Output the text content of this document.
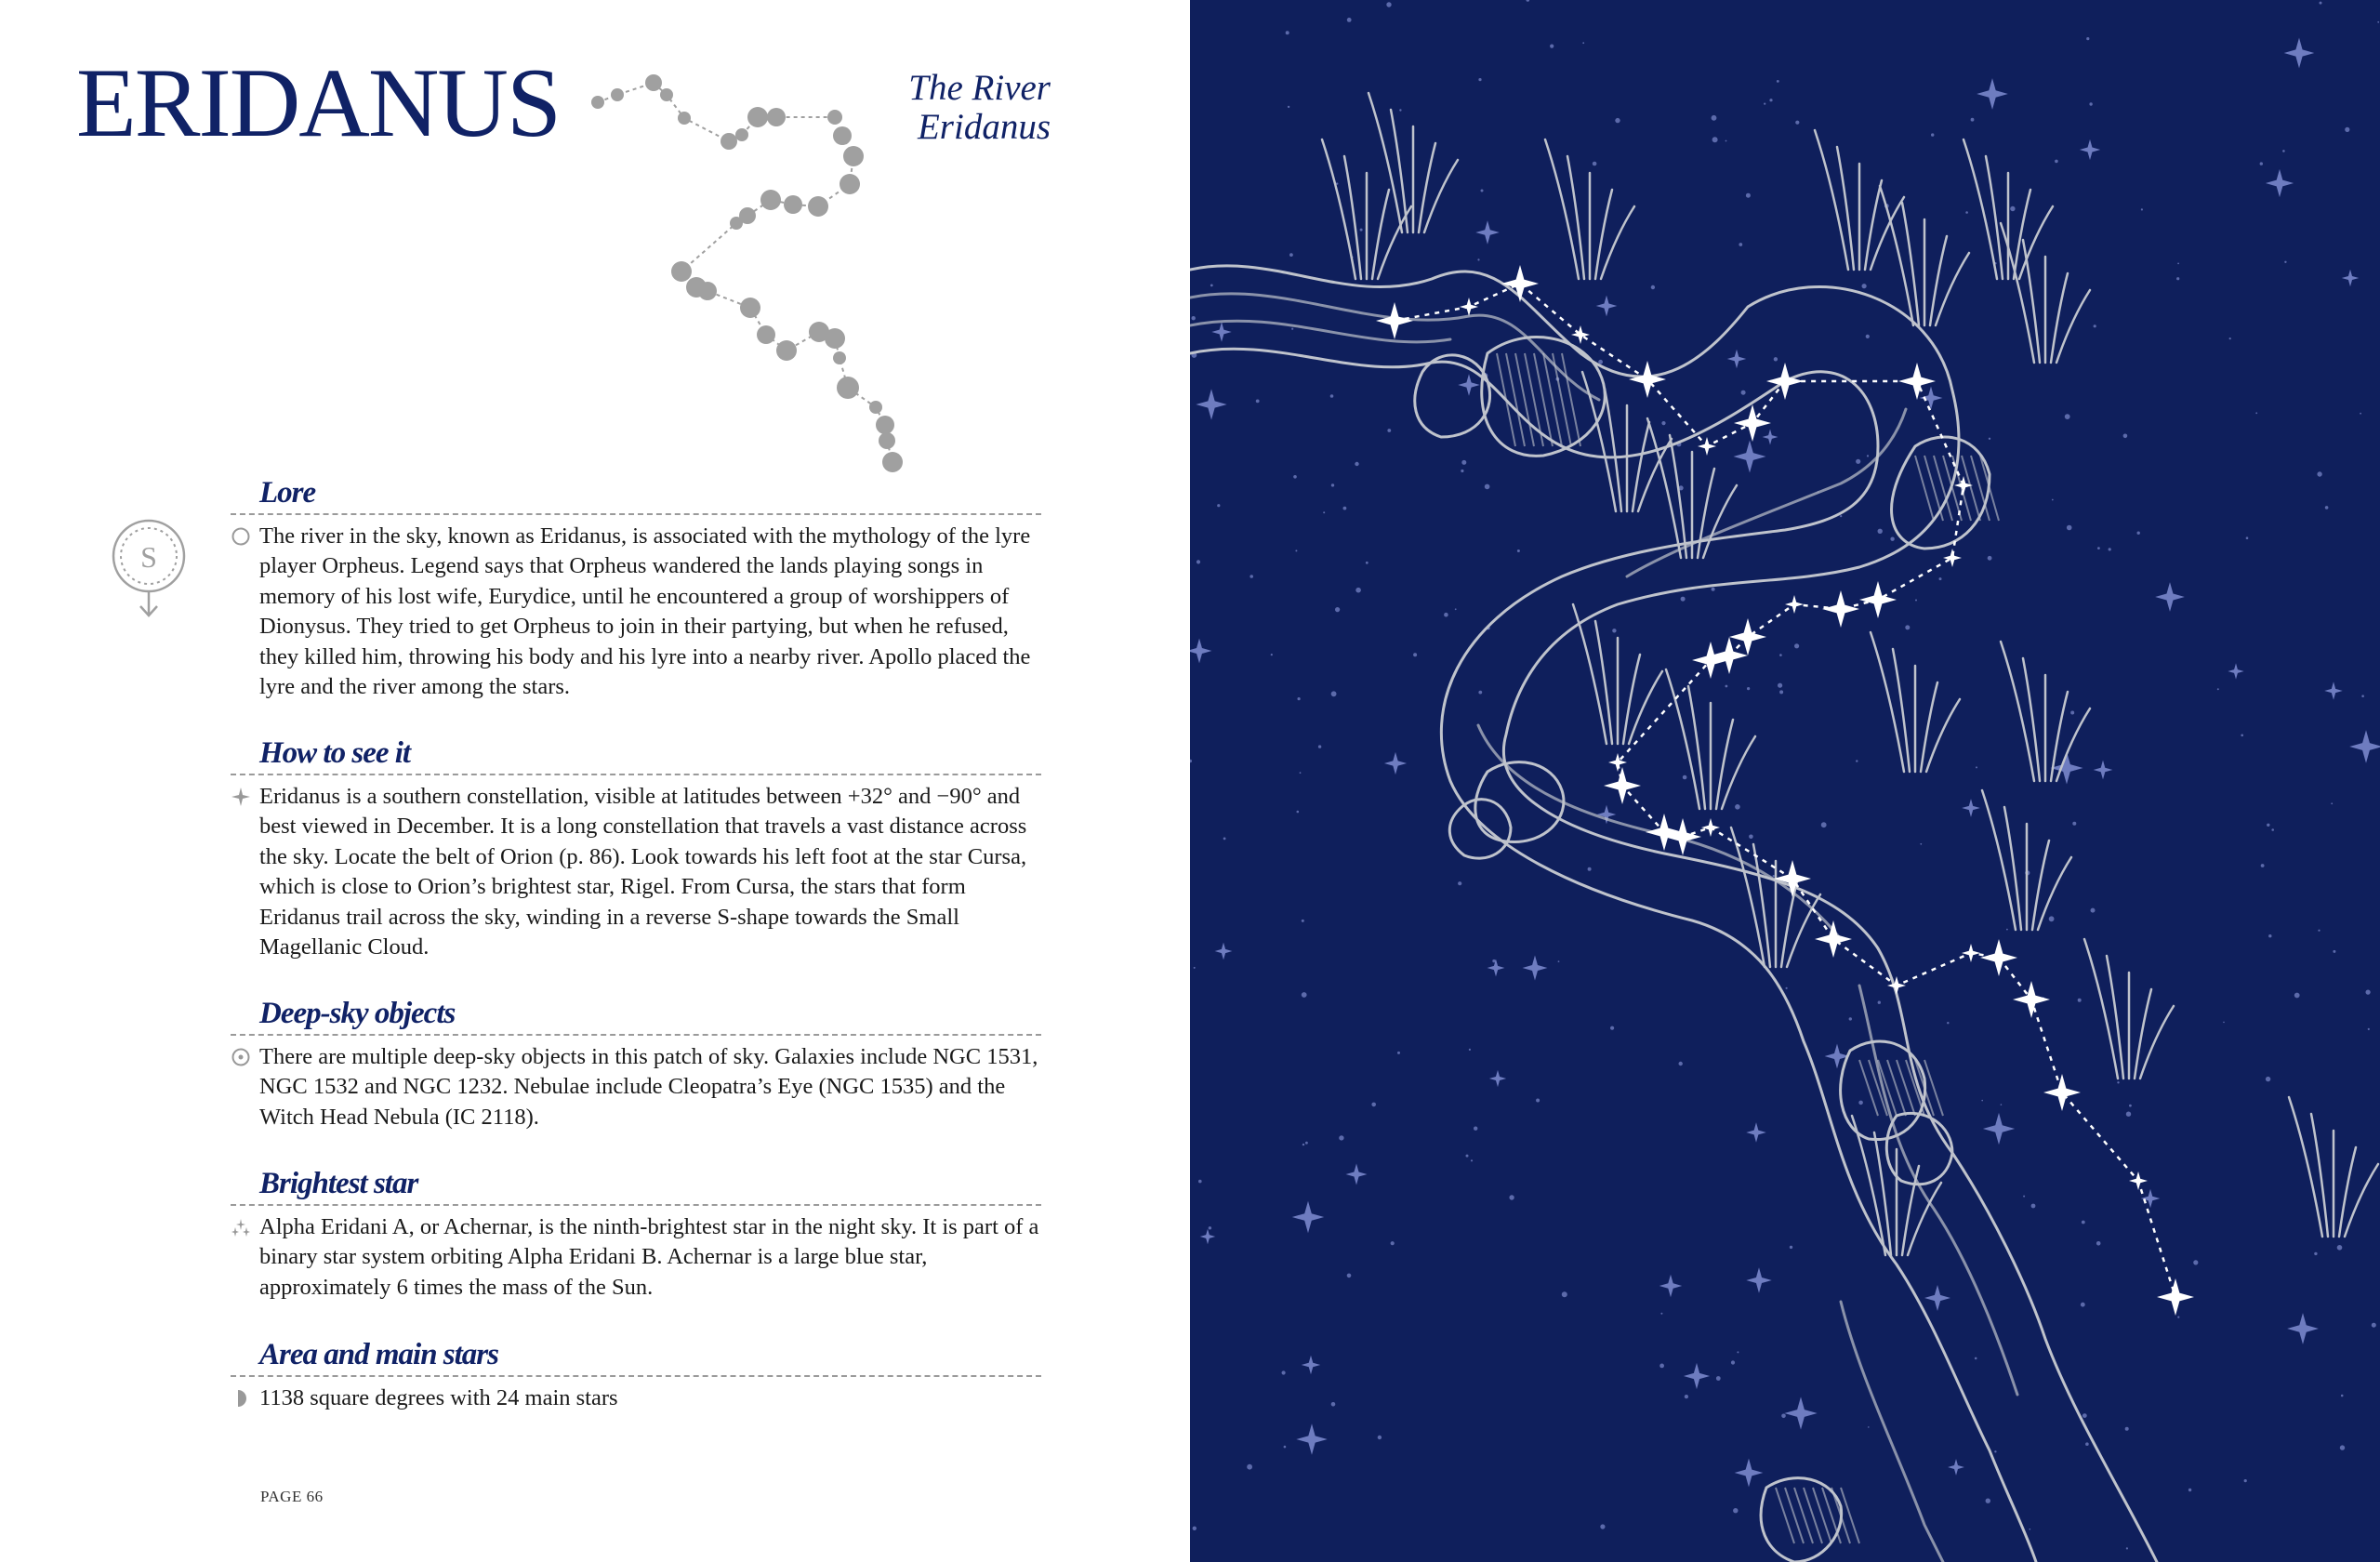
ERIDANUS	The River
Eridanus
S
Lore
The river in the sky, known as Eridanus, is associated with the mythology of the lyre player Orpheus. Legend says that Orpheus wandered the lands playing songs in memory of his lost wife, Eurydice, until he encountered a group of worshippers of Dionysus. They tried to get Orpheus to join in their partying, but when he refused, they killed him, throwing his body and his lyre into a nearby river. Apollo placed the lyre and the river among the stars.
How to see it
Eridanus is a southern constellation, visible at latitudes between +32° and −90° and best viewed in December. It is a long constellation that travels a vast distance across the sky. Locate the belt of Orion (p. 86). Look towards his left foot at the star Cursa, which is close to Orion’s brightest star, Rigel. From Cursa, the stars that form Eridanus trail across the sky, winding in a reverse S-shape towards the Small Magellanic Cloud.
Deep-sky objects
There are multiple deep-sky objects in this patch of sky. Galaxies include NGC 1531, NGC 1532 and NGC 1232. Nebulae include Cleopatra’s Eye (NGC 1535) and the Witch Head Nebula (IC 2118).
Brightest star
Alpha Eridani A, or Achernar, is the ninth-brightest star in the night sky. It is part of a binary star system orbiting Alpha Eridani B. Achernar is a large blue star, approximately 6 times the mass of the Sun.
Area and main stars
1138 square degrees with 24 main stars
PAGE 66
